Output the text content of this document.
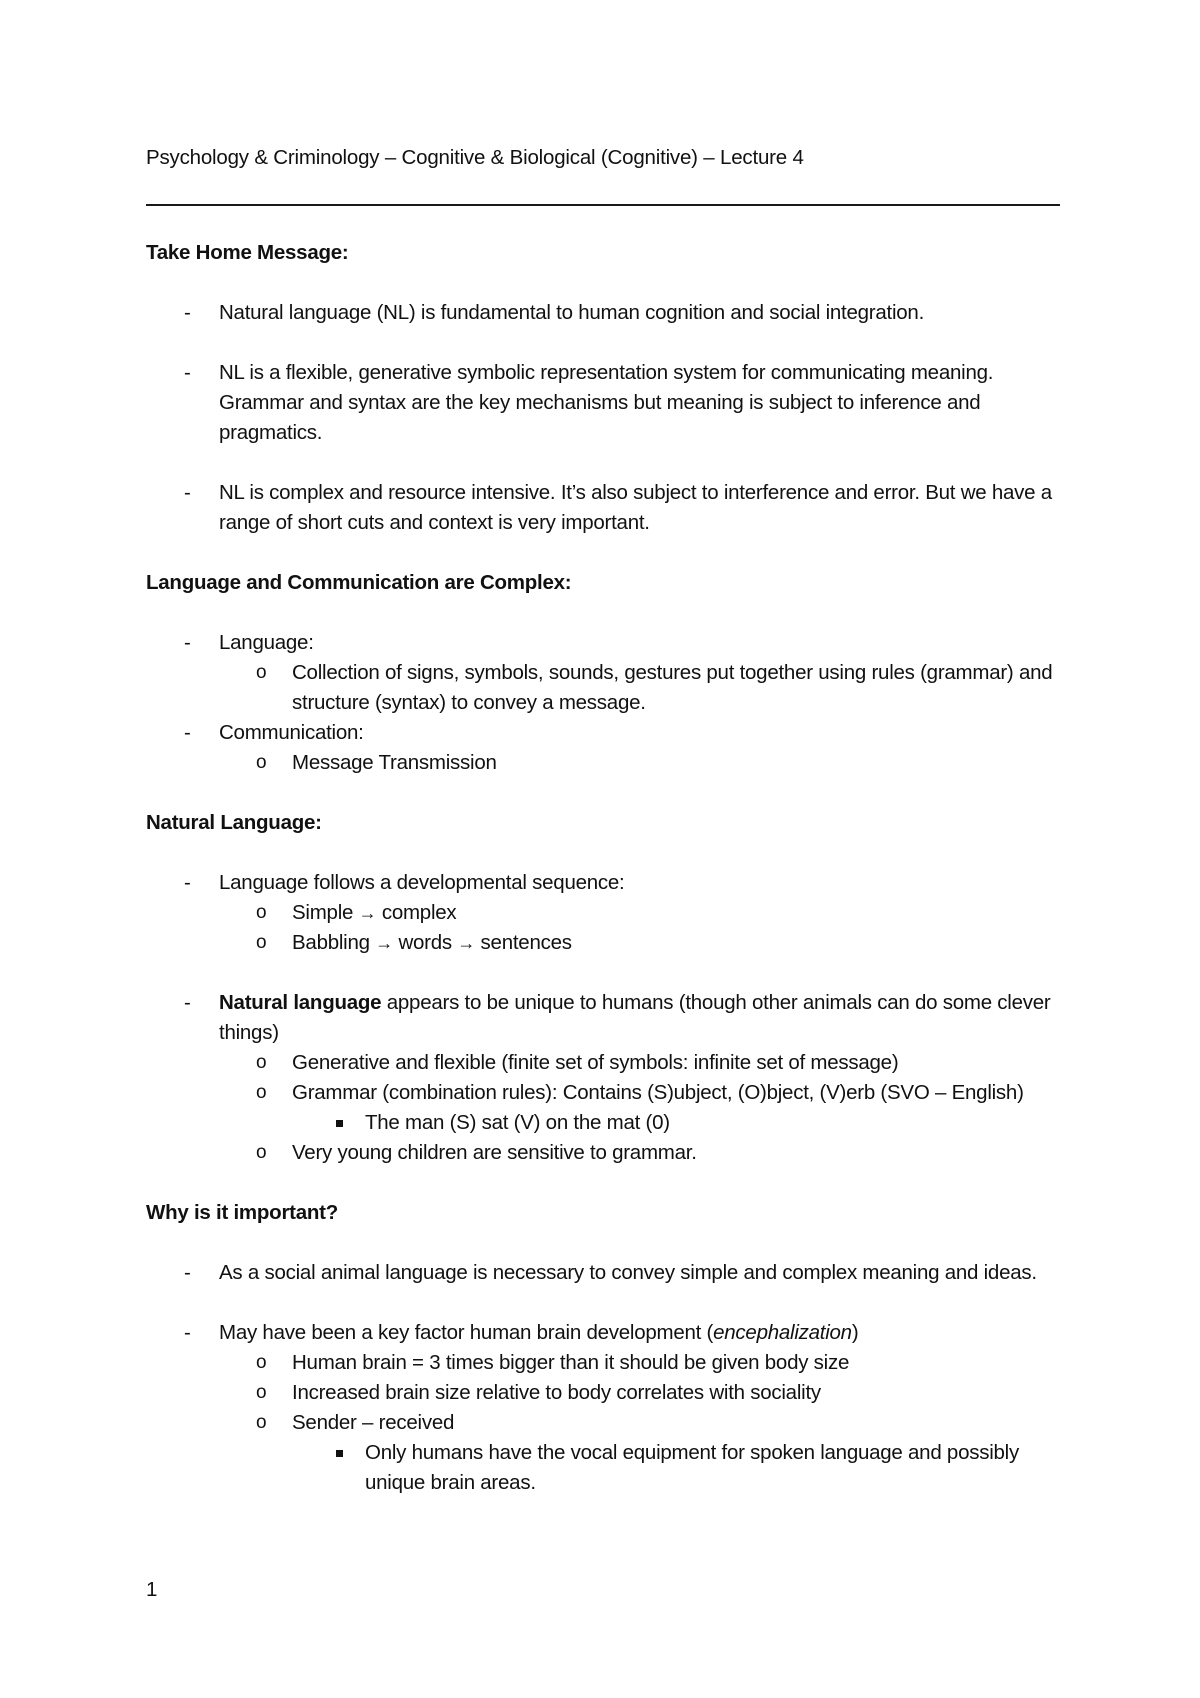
Psychology & Criminology – Cognitive & Biological (Cognitive) – Lecture 4
Take Home Message:
- Natural language (NL) is fundamental to human cognition and social integration.
- NL is a flexible, generative symbolic representation system for communicating meaning. Grammar and syntax are the key mechanisms but meaning is subject to inference and pragmatics.
- NL is complex and resource intensive. It’s also subject to interference and error. But we have a range of short cuts and context is very important.
Language and Communication are Complex:
- Language:
o Collection of signs, symbols, sounds, gestures put together using rules (grammar) and structure (syntax) to convey a message.
- Communication:
o Message Transmission
Natural Language:
- Language follows a developmental sequence:
o Simple → complex
o Babbling → words → sentences
- Natural language appears to be unique to humans (though other animals can do some clever things)
o Generative and flexible (finite set of symbols: infinite set of message)
o Grammar (combination rules): Contains (S)ubject, (O)bject, (V)erb (SVO – English)
The man (S) sat (V) on the mat (0)
o Very young children are sensitive to grammar.
Why is it important?
- As a social animal language is necessary to convey simple and complex meaning and ideas.
- May have been a key factor human brain development (encephalization)
o Human brain = 3 times bigger than it should be given body size
o Increased brain size relative to body correlates with sociality
o Sender – received
Only humans have the vocal equipment for spoken language and possibly unique brain areas.
1
